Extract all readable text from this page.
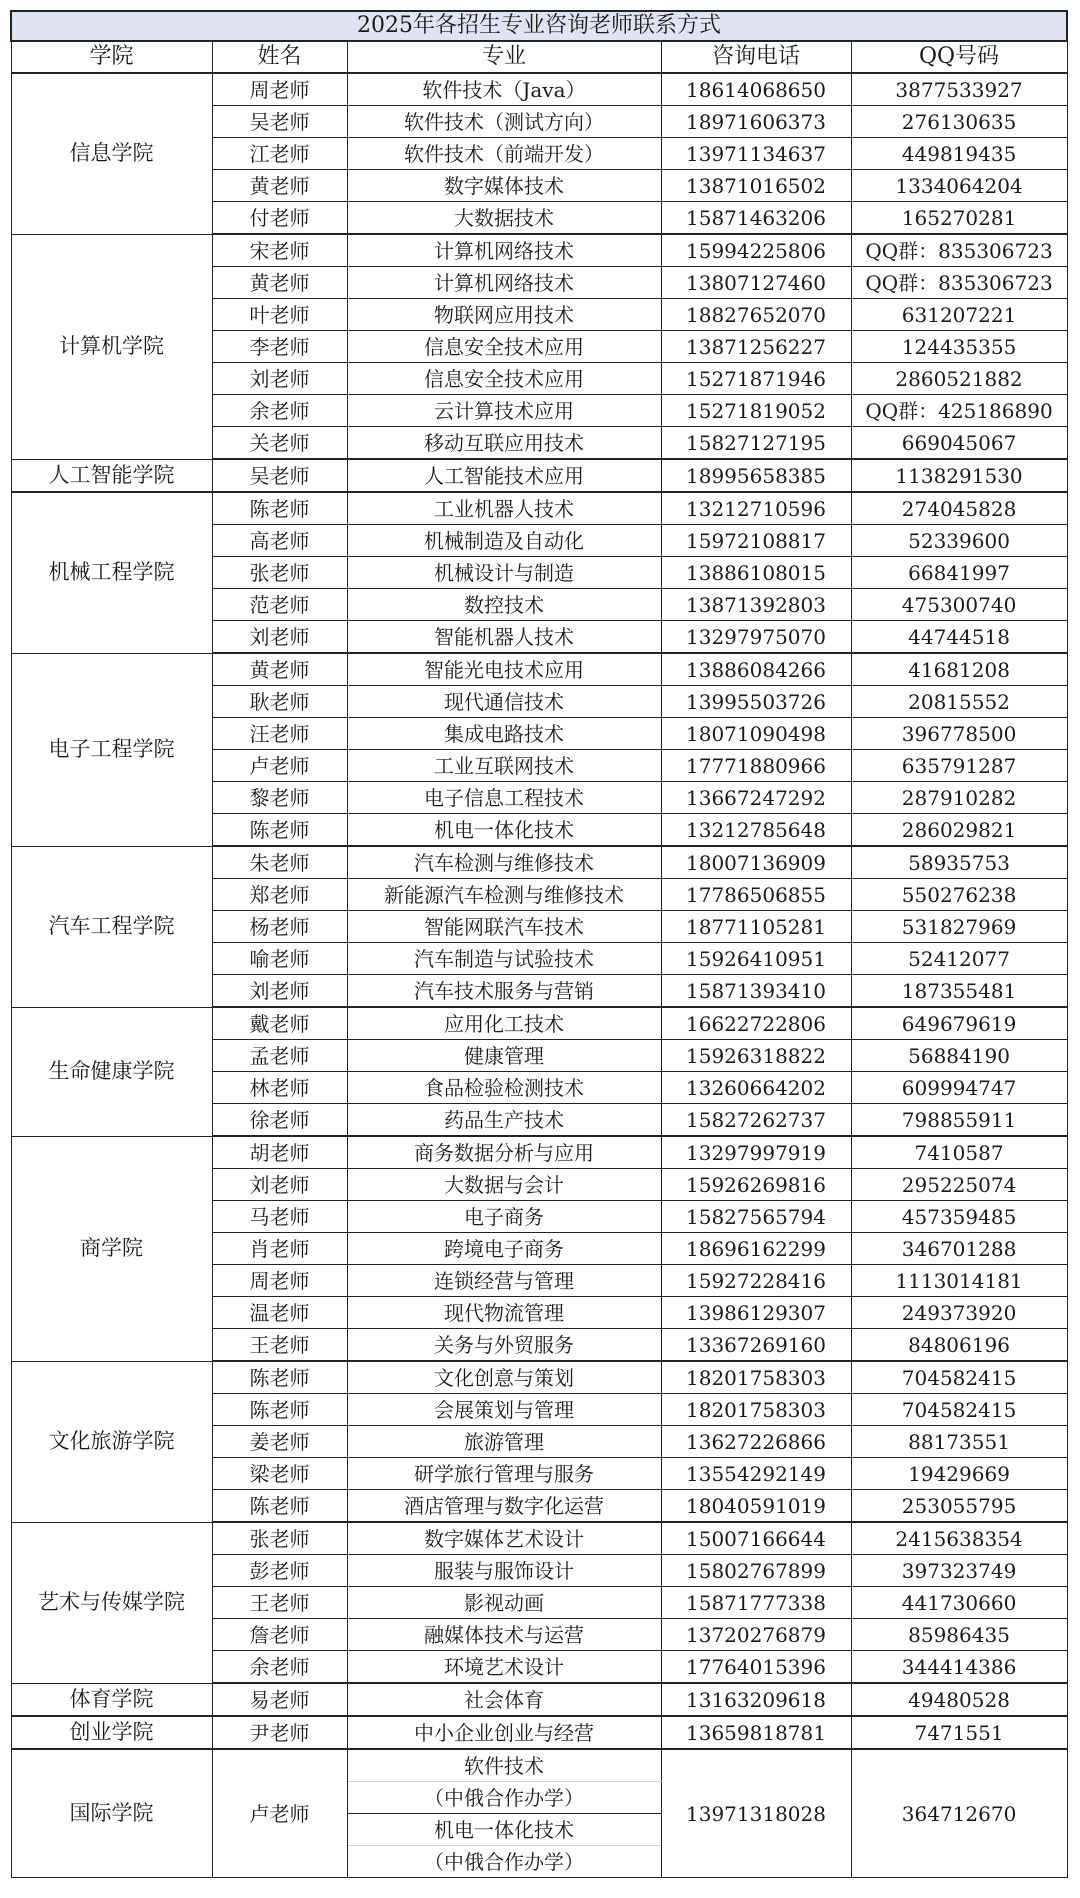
2025年各招生专业咨询老师联系方式				
学院	姓名	专业	咨询电话	QQ号码
信息学院	周老师	软件技术（Java）	18614068650	3877533927
	吴老师	软件技术（测试方向）	18971606373	276130635
	江老师	软件技术（前端开发）	13971134637	449819435
	黄老师	数字媒体技术	13871016502	1334064204
	付老师	大数据技术	15871463206	165270281
计算机学院	宋老师	计算机网络技术	15994225806	QQ群：835306723
	黄老师	计算机网络技术	13807127460	QQ群：835306723
	叶老师	物联网应用技术	18827652070	631207221
	李老师	信息安全技术应用	13871256227	124435355
	刘老师	信息安全技术应用	15271871946	2860521882
	余老师	云计算技术应用	15271819052	QQ群：425186890
	关老师	移动互联应用技术	15827127195	669045067
人工智能学院	吴老师	人工智能技术应用	18995658385	1138291530
机械工程学院	陈老师	工业机器人技术	13212710596	274045828
	高老师	机械制造及自动化	15972108817	52339600
	张老师	机械设计与制造	13886108015	66841997
	范老师	数控技术	13871392803	475300740
	刘老师	智能机器人技术	13297975070	44744518
电子工程学院	黄老师	智能光电技术应用	13886084266	41681208
	耿老师	现代通信技术	13995503726	20815552
	汪老师	集成电路技术	18071090498	396778500
	卢老师	工业互联网技术	17771880966	635791287
	黎老师	电子信息工程技术	13667247292	287910282
	陈老师	机电一体化技术	13212785648	286029821
汽车工程学院	朱老师	汽车检测与维修技术	18007136909	58935753
	郑老师	新能源汽车检测与维修技术	17786506855	550276238
	杨老师	智能网联汽车技术	18771105281	531827969
	喻老师	汽车制造与试验技术	15926410951	52412077
	刘老师	汽车技术服务与营销	15871393410	187355481
生命健康学院	戴老师	应用化工技术	16622722806	649679619
	孟老师	健康管理	15926318822	56884190
	林老师	食品检验检测技术	13260664202	609994747
	徐老师	药品生产技术	15827262737	798855911
商学院	胡老师	商务数据分析与应用	13297997919	7410587
	刘老师	大数据与会计	15926269816	295225074
	马老师	电子商务	15827565794	457359485
	肖老师	跨境电子商务	18696162299	346701288
	周老师	连锁经营与管理	15927228416	1113014181
	温老师	现代物流管理	13986129307	249373920
	王老师	关务与外贸服务	13367269160	84806196
文化旅游学院	陈老师	文化创意与策划	18201758303	704582415
	陈老师	会展策划与管理	18201758303	704582415
	姜老师	旅游管理	13627226866	88173551
	梁老师	研学旅行管理与服务	13554292149	19429669
	陈老师	酒店管理与数字化运营	18040591019	253055795
艺术与传媒学院	张老师	数字媒体艺术设计	15007166644	2415638354
	彭老师	服装与服饰设计	15802767899	397323749
	王老师	影视动画	15871777338	441730660
	詹老师	融媒体技术与运营	13720276879	85986435
	余老师	环境艺术设计	17764015396	344414386
体育学院	易老师	社会体育	13163209618	49480528
创业学院	尹老师	中小企业创业与经营	13659818781	7471551
国际学院	卢老师	软件技术	13971318028	364712670
		（中俄合作办学）		
		机电一体化技术		
		（中俄合作办学）		
